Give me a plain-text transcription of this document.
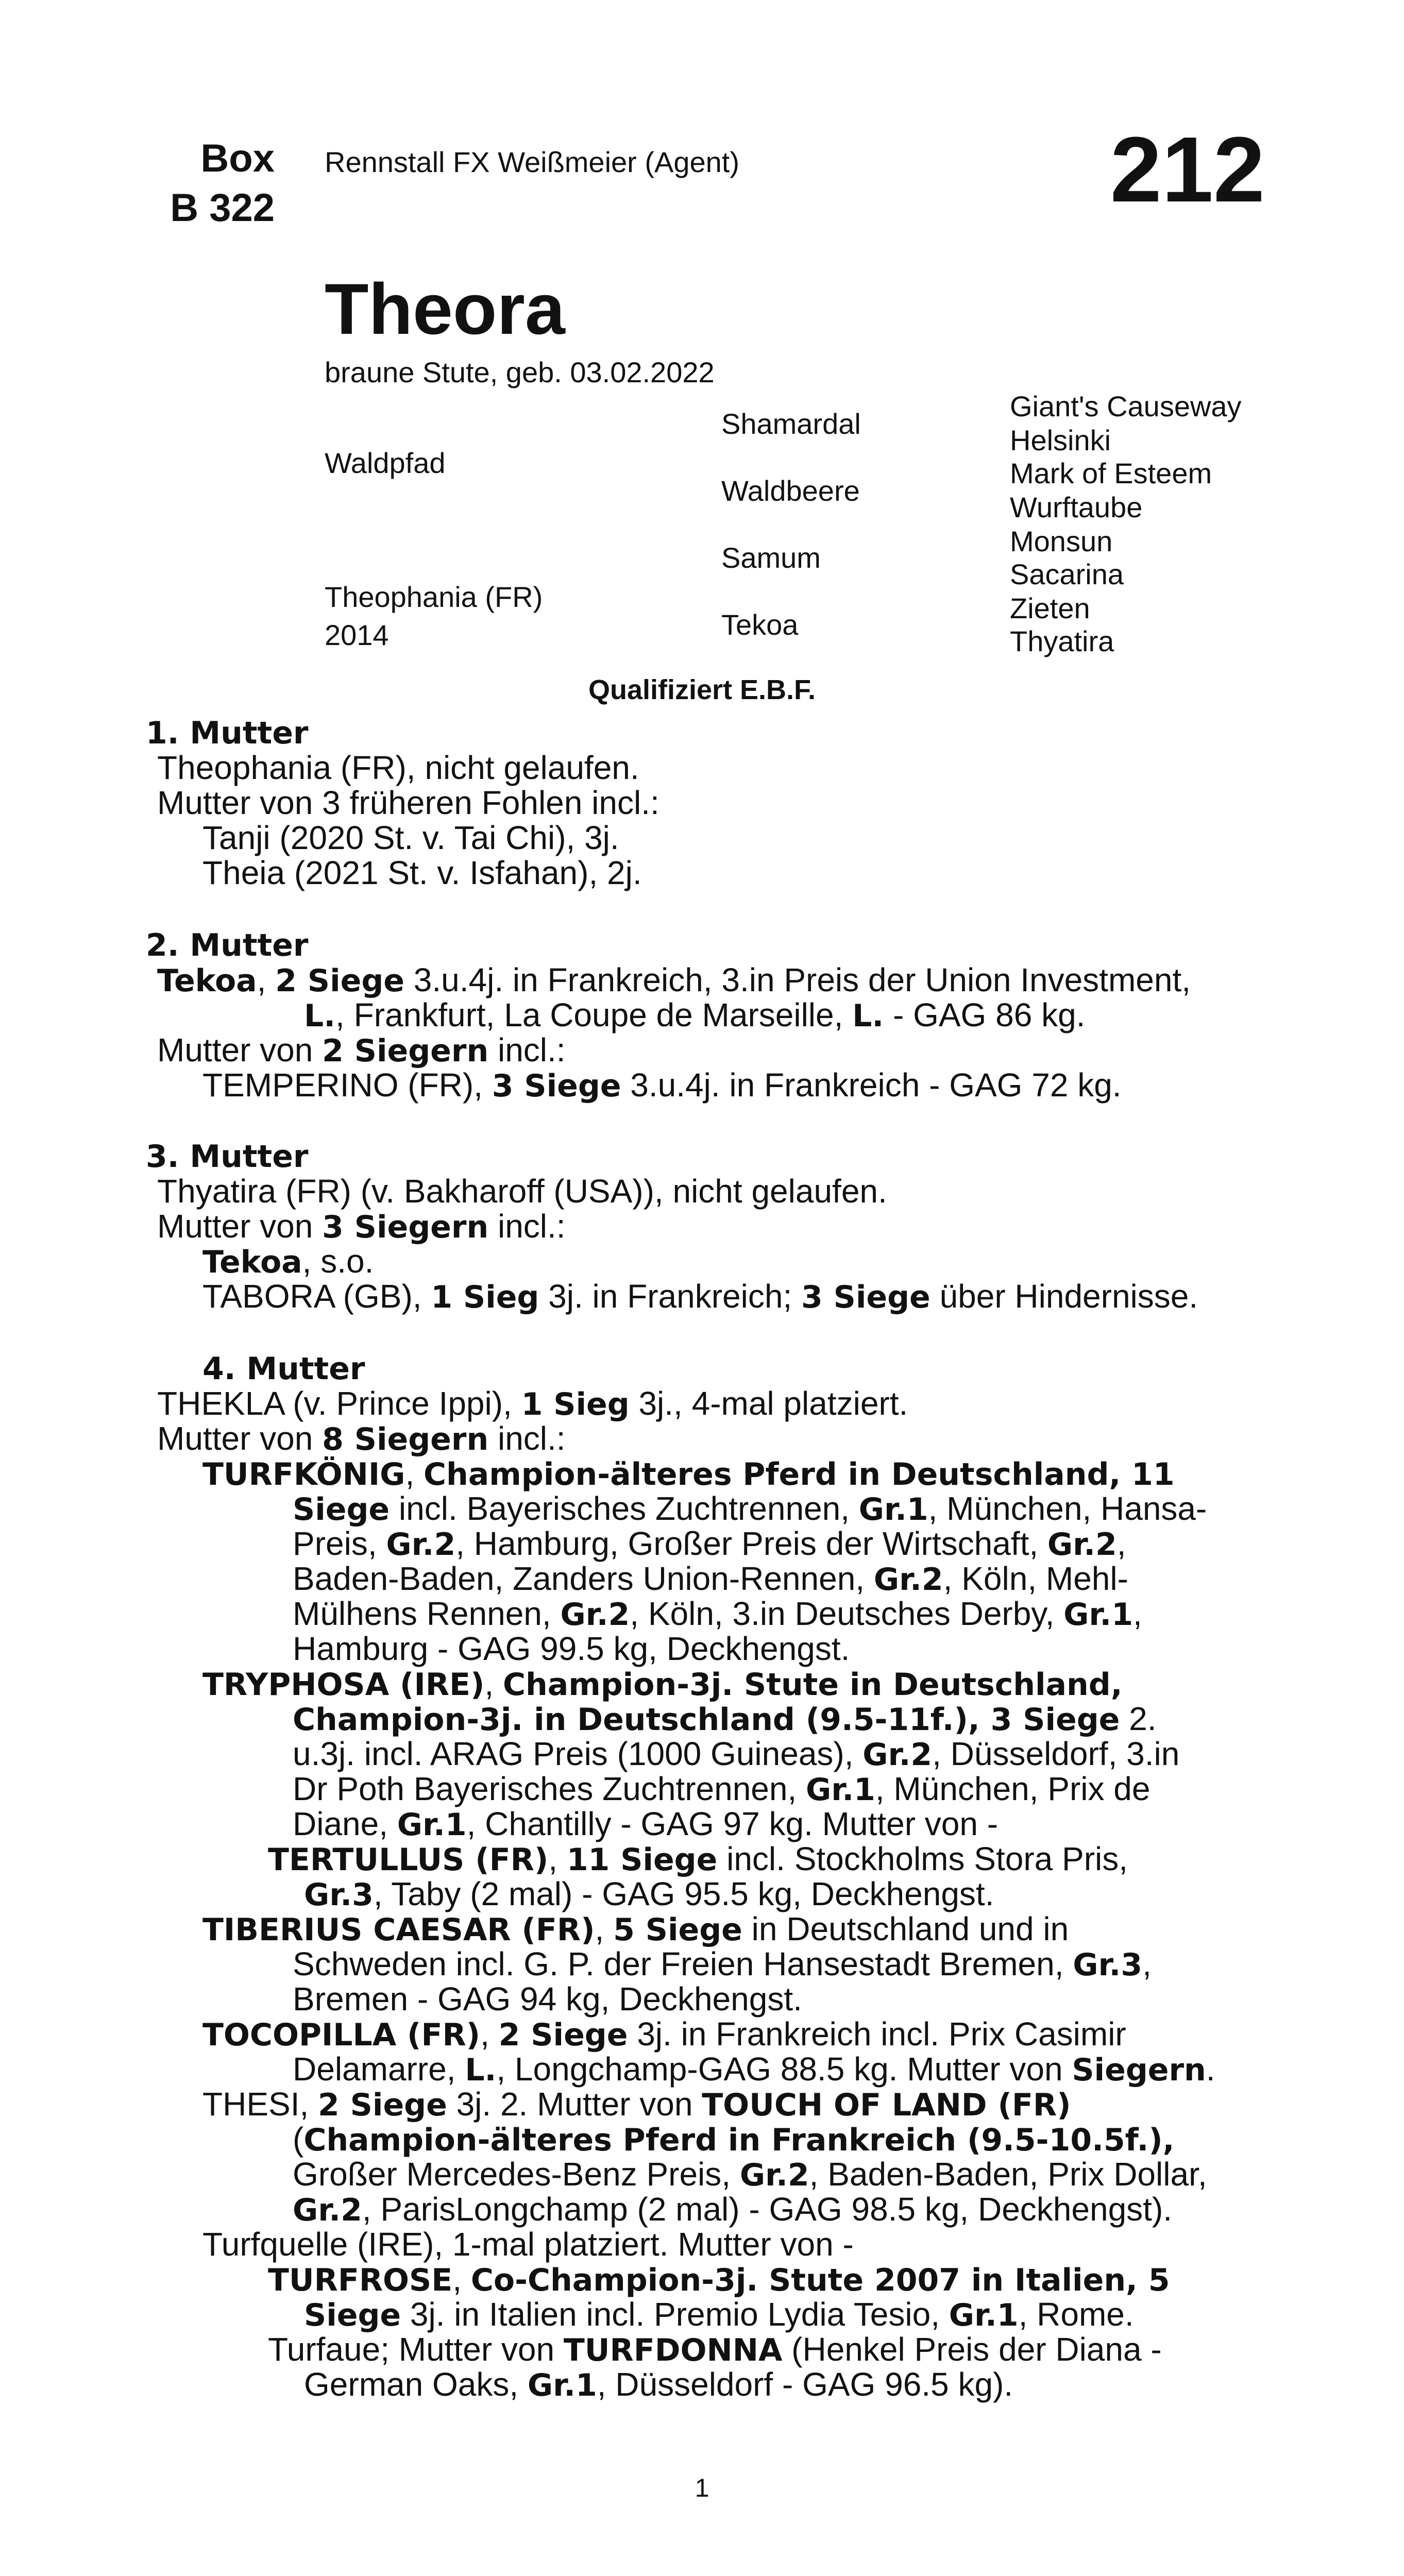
Box
B 322
Rennstall FX Weißmeier (Agent)	212
Theora
braune Stute, geb. 03.02.2022
Waldpfad
Theophania (FR)
2014
Shamardal
Waldbeere
Samum
Tekoa
Giant's Causeway
Helsinki
Mark of Esteem
Wurftaube
Monsun
Sacarina
Zieten
Thyatira
Qualifiziert E.B.F.
1. Mutter
Theophania (FR), nicht gelaufen.
Mutter von 3 früheren Fohlen incl.:
Tanji (2020 St. v. Tai Chi), 3j.
Theia (2021 St. v. Isfahan), 2j.
2. Mutter
Tekoa, 2 Siege 3.u.4j. in Frankreich, 3.in Preis der Union Investment,
L., Frankfurt, La Coupe de Marseille, L. - GAG 86 kg.
Mutter von 2 Siegern incl.:
TEMPERINO (FR), 3 Siege 3.u.4j. in Frankreich - GAG 72 kg.
3. Mutter
Thyatira (FR) (v. Bakharoff (USA)), nicht gelaufen.
Mutter von 3 Siegern incl.:
Tekoa, s.o.
TABORA (GB), 1 Sieg 3j. in Frankreich; 3 Siege über Hindernisse.
4. Mutter
THEKLA (v. Prince Ippi), 1 Sieg 3j., 4-mal platziert.
Mutter von 8 Siegern incl.:
TURFKÖNIG, Champion-älteres Pferd in Deutschland, 11
Siege incl. Bayerisches Zuchtrennen, Gr.1, München, Hansa-
Preis, Gr.2, Hamburg, Großer Preis der Wirtschaft, Gr.2,
Baden-Baden, Zanders Union-Rennen, Gr.2, Köln, Mehl-
Mülhens Rennen, Gr.2, Köln, 3.in Deutsches Derby, Gr.1,
Hamburg - GAG 99.5 kg, Deckhengst.
TRYPHOSA (IRE), Champion-3j. Stute in Deutschland,
Champion-3j. in Deutschland (9.5-11f.), 3 Siege 2.
u.3j. incl. ARAG Preis (1000 Guineas), Gr.2, Düsseldorf, 3.in
Dr Poth Bayerisches Zuchtrennen, Gr.1, München, Prix de
Diane, Gr.1, Chantilly - GAG 97 kg. Mutter von -
TERTULLUS (FR), 11 Siege incl. Stockholms Stora Pris,
Gr.3, Taby (2 mal) - GAG 95.5 kg, Deckhengst.
TIBERIUS CAESAR (FR), 5 Siege in Deutschland und in
Schweden incl. G. P. der Freien Hansestadt Bremen, Gr.3,
Bremen - GAG 94 kg, Deckhengst.
TOCOPILLA (FR), 2 Siege 3j. in Frankreich incl. Prix Casimir
Delamarre, L., Longchamp-GAG 88.5 kg. Mutter von Siegern.
THESI, 2 Siege 3j. 2. Mutter von TOUCH OF LAND (FR)
(Champion-älteres Pferd in Frankreich (9.5-10.5f.),
Großer Mercedes-Benz Preis, Gr.2, Baden-Baden, Prix Dollar,
Gr.2, ParisLongchamp (2 mal) - GAG 98.5 kg, Deckhengst).
Turfquelle (IRE), 1-mal platziert. Mutter von -
TURFROSE, Co-Champion-3j. Stute 2007 in Italien, 5
Siege 3j. in Italien incl. Premio Lydia Tesio, Gr.1, Rome.
Turfaue; Mutter von TURFDONNA (Henkel Preis der Diana -
German Oaks, Gr.1, Düsseldorf - GAG 96.5 kg).
1
